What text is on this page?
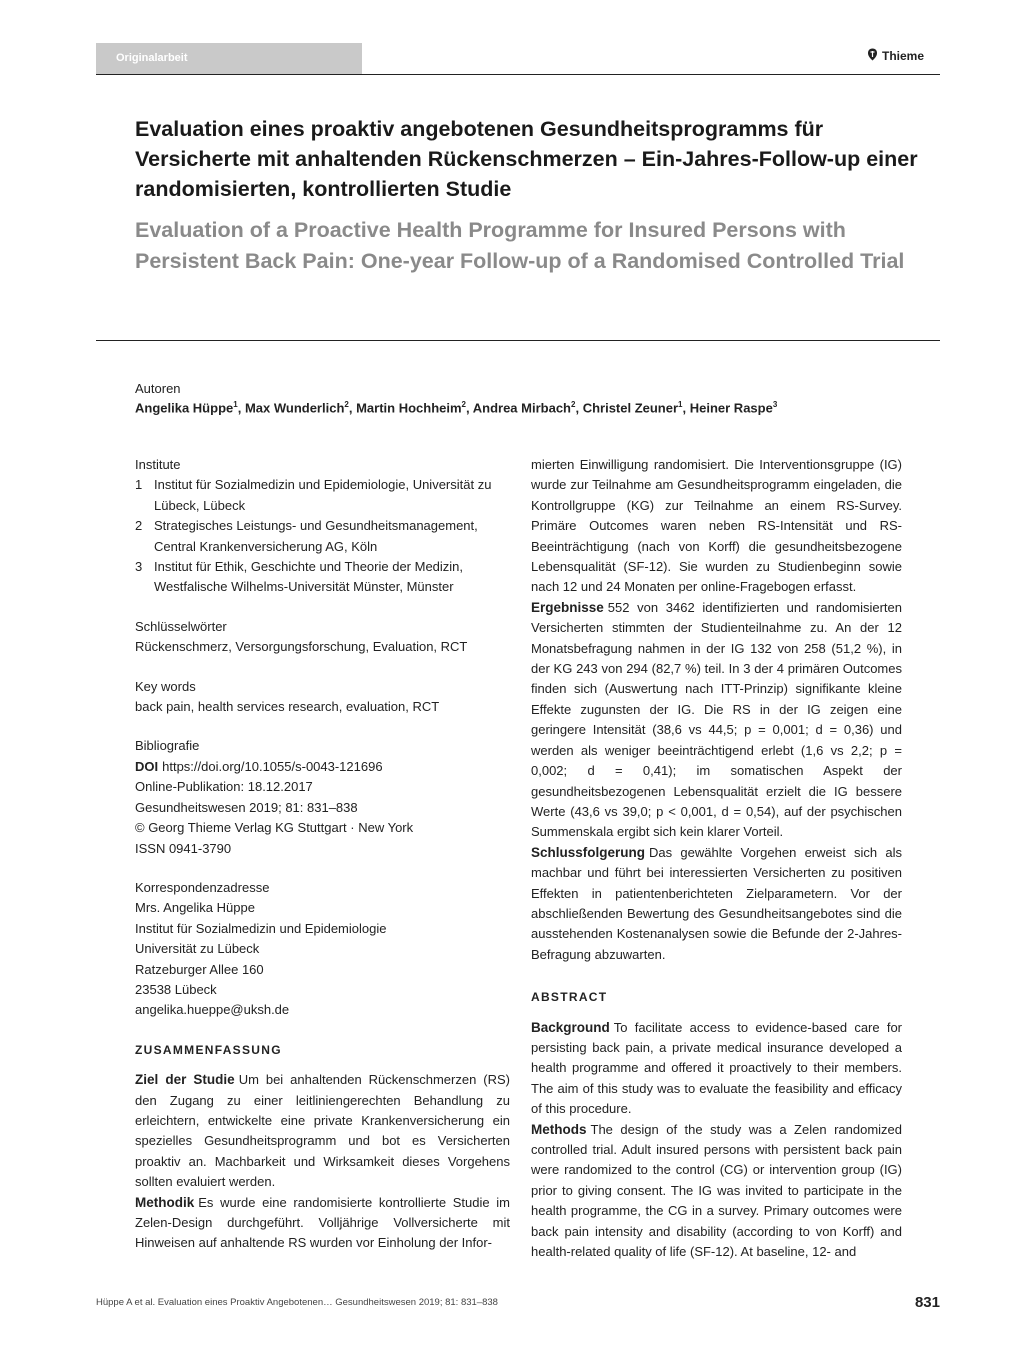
Originalarbeit	Thieme
Evaluation eines proaktiv angebotenen Gesundheitsprogramms für Versicherte mit anhaltenden Rückenschmerzen – Ein-Jahres-Follow-up einer randomisierten, kontrollierten Studie
Evaluation of a Proactive Health Programme for Insured Persons with Persistent Back Pain: One-year Follow-up of a Randomised Controlled Trial
Autoren
Angelika Hüppe$^1$, Max Wunderlich$^2$, Martin Hochheim$^2$, Andrea Mirbach$^2$, Christel Zeuner$^1$, Heiner Raspe$^3$
Institute
1 Institut für Sozialmedizin und Epidemiologie, Universität zu Lübeck, Lübeck
2 Strategisches Leistungs- und Gesundheitsmanagement, Central Krankenversicherung AG, Köln
3 Institut für Ethik, Geschichte und Theorie der Medizin, Westfalische Wilhelms-Universität Münster, Münster
Schlüsselwörter
Rückenschmerz, Versorgungsforschung, Evaluation, RCT
Key words
back pain, health services research, evaluation, RCT
Bibliografie
DOI https://doi.org/10.1055/s-0043-121696
Online-Publikation: 18.12.2017
Gesundheitswesen 2019; 81: 831–838
© Georg Thieme Verlag KG Stuttgart · New York
ISSN 0941-3790
Korrespondenzadresse
Mrs. Angelika Hüppe
Institut für Sozialmedizin und Epidemiologie
Universität zu Lübeck
Ratzeburger Allee 160
23538 Lübeck
angelika.hueppe@uksh.de
ZUSAMMENFASSUNG

Ziel der Studie Um bei anhaltenden Rückenschmerzen (RS) den Zugang zu einer leitliniengerechten Behandlung zu erleichtern, entwickelte eine private Krankenversicherung ein spezielles Gesundheitsprogramm und bot es Versicherten proaktiv an. Machbarkeit und Wirksamkeit dieses Vorgehens sollten evaluiert werden.

Methodik Es wurde eine randomisierte kontrollierte Studie im Zelen-Design durchgeführt. Volljährige Vollversicherte mit Hinweisen auf anhaltende RS wurden vor Einholung der Infor-

mierten Einwilligung randomisiert. Die Interventionsgruppe (IG) wurde zur Teilnahme am Gesundheitsprogramm eingeladen, die Kontrollgruppe (KG) zur Teilnahme an einem RS-Survey. Primäre Outcomes waren neben RS-Intensität und RS-Beeinträchtigung (nach von Korff) die gesundheitsbezogene Lebensqualität (SF-12). Sie wurden zu Studienbeginn sowie nach 12 und 24 Monaten per online-Fragebogen erfasst.

Ergebnisse 552 von 3462 identifizierten und randomisierten Versicherten stimmten der Studienteilnahme zu. An der 12 Monatsbefragung nahmen in der IG 132 von 258 (51,2 %), in der KG 243 von 294 (82,7 %) teil. In 3 der 4 primären Outcomes finden sich (Auswertung nach ITT-Prinzip) signifikante kleine Effekte zugunsten der IG. Die RS in der IG zeigen eine geringere Intensität (38,6 vs 44,5; p = 0,001; d = 0,36) und werden als weniger beeinträchtigend erlebt (1,6 vs 2,2; p = 0,002; d = 0,41); im somatischen Aspekt der gesundheitsbezogenen Lebensqualität erzielt die IG bessere Werte (43,6 vs 39,0; p < 0,001, d = 0,54), auf der psychischen Summenskala ergibt sich kein klarer Vorteil.

Schlussfolgerung Das gewählte Vorgehen erweist sich als machbar und führt bei interessierten Versicherten zu positiven Effekten in patientenberichteten Zielparametern. Vor der abschließenden Bewertung des Gesundheitsangebotes sind die ausstehenden Kostenanalysen sowie die Befunde der 2-Jahres-Befragung abzuwarten.

ABSTRACT

Background To facilitate access to evidence-based care for persisting back pain, a private medical insurance developed a health programme and offered it proactively to their members. The aim of this study was to evaluate the feasibility and efficacy of this procedure.

Methods The design of the study was a Zelen randomized controlled trial. Adult insured persons with persistent back pain were randomized to the control (CG) or intervention group (IG) prior to giving consent. The IG was invited to participate in the health programme, the CG in a survey. Primary outcomes were back pain intensity and disability (according to von Korff) and health-related quality of life (SF-12). At baseline, 12- and

Hüppe A et al. Evaluation eines Proaktiv Angebotenen… Gesundheitswesen 2019; 81: 831–838	831
